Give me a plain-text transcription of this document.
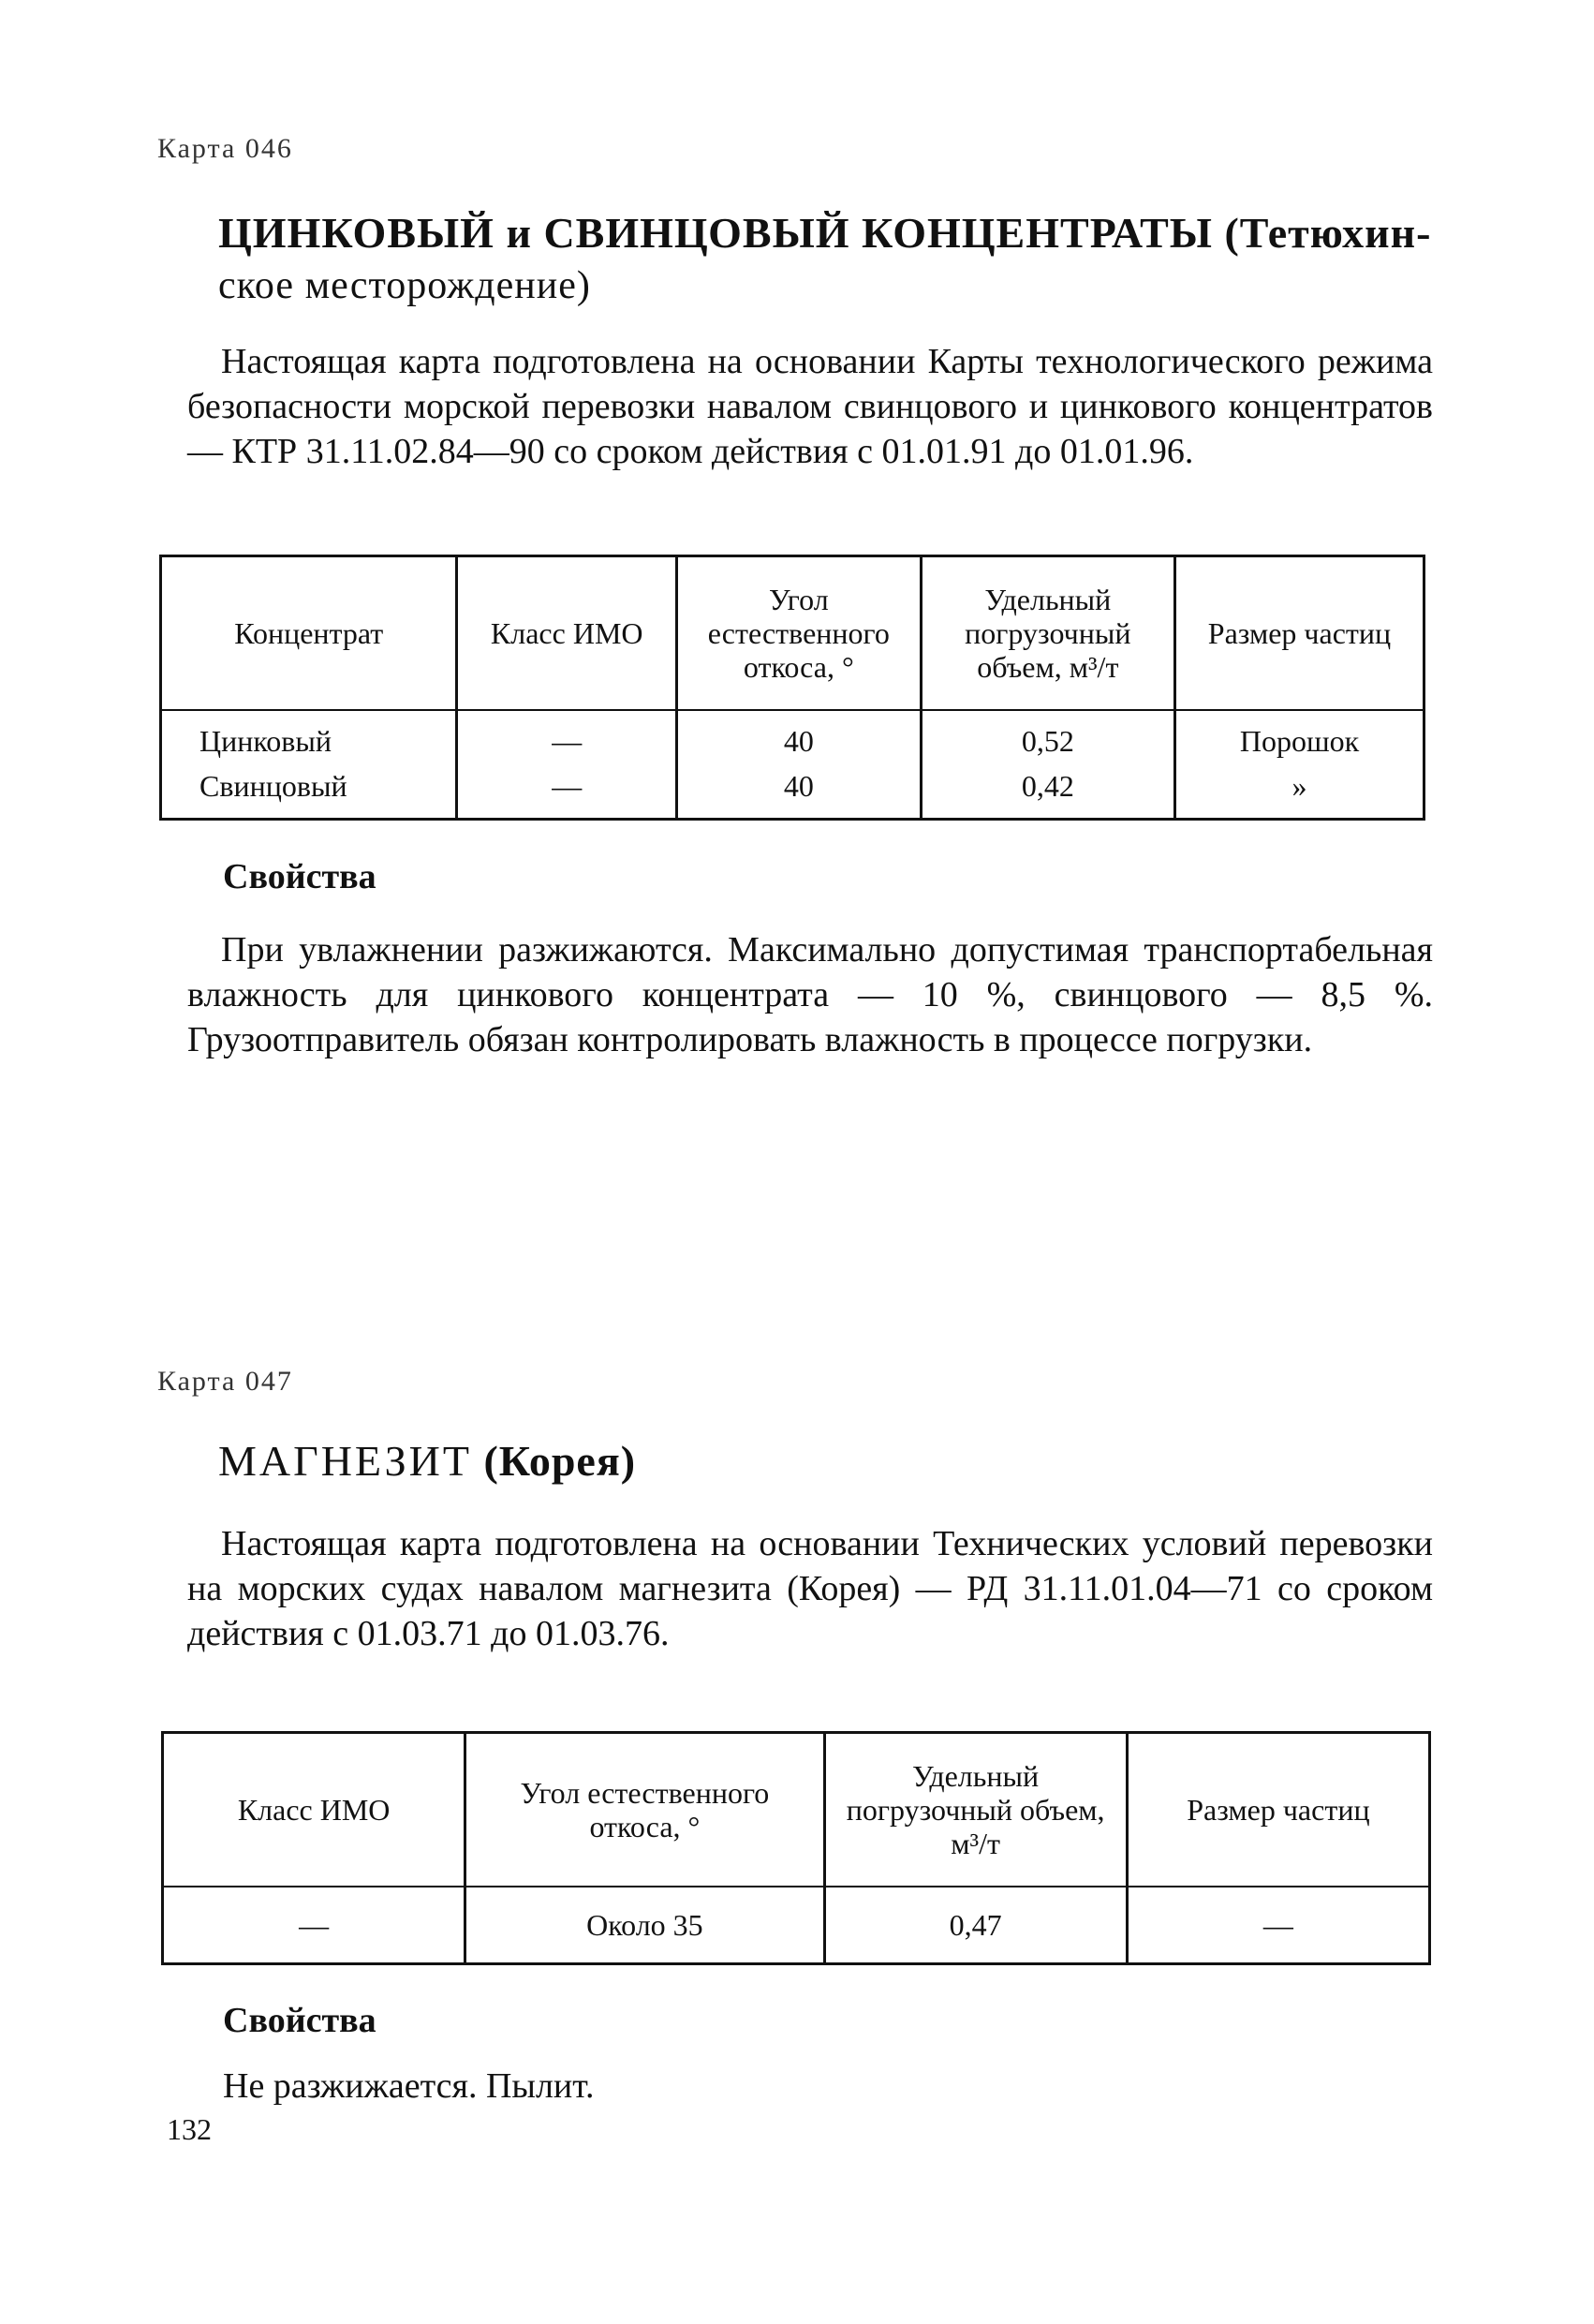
Карта 046
ЦИНКОВЫЙ и СВИНЦОВЫЙ КОНЦЕНТРАТЫ (Тетюхин-
ское месторождение)

Настоящая карта подготовлена на основании Карты технологического режима безопасности морской перевозки навалом свинцового и цинкового концентратов — КТР 31.11.02.84—90 со сроком действия с 01.01.91 до 01.01.96.

Концентрат	Класс ИМО	Угол естественного откоса, °	Удельный погрузочный объем, м³/т	Размер частиц
Цинковый	—	40	0,52	Порошок
Свинцовый	—	40	0,42	»
Свойства

При увлажнении разжижаются. Максимально допустимая транспортабельная влажность для цинкового концентрата — 10 %, свинцового — 8,5 %. Грузоотправитель обязан контролировать влажность в процессе погрузки.

Карта 047
МАГНЕЗИТ (Корея)

Настоящая карта подготовлена на основании Технических условий перевозки на морских судах навалом магнезита (Корея) — РД 31.11.01.04—71 со сроком действия с 01.03.71 до 01.03.76.

Класс ИМО	Угол естественного откоса, °	Удельный погрузочный объем, м³/т	Размер частиц
—	Около 35	0,47	—
Свойства
Не разжижается. Пылит.
132
